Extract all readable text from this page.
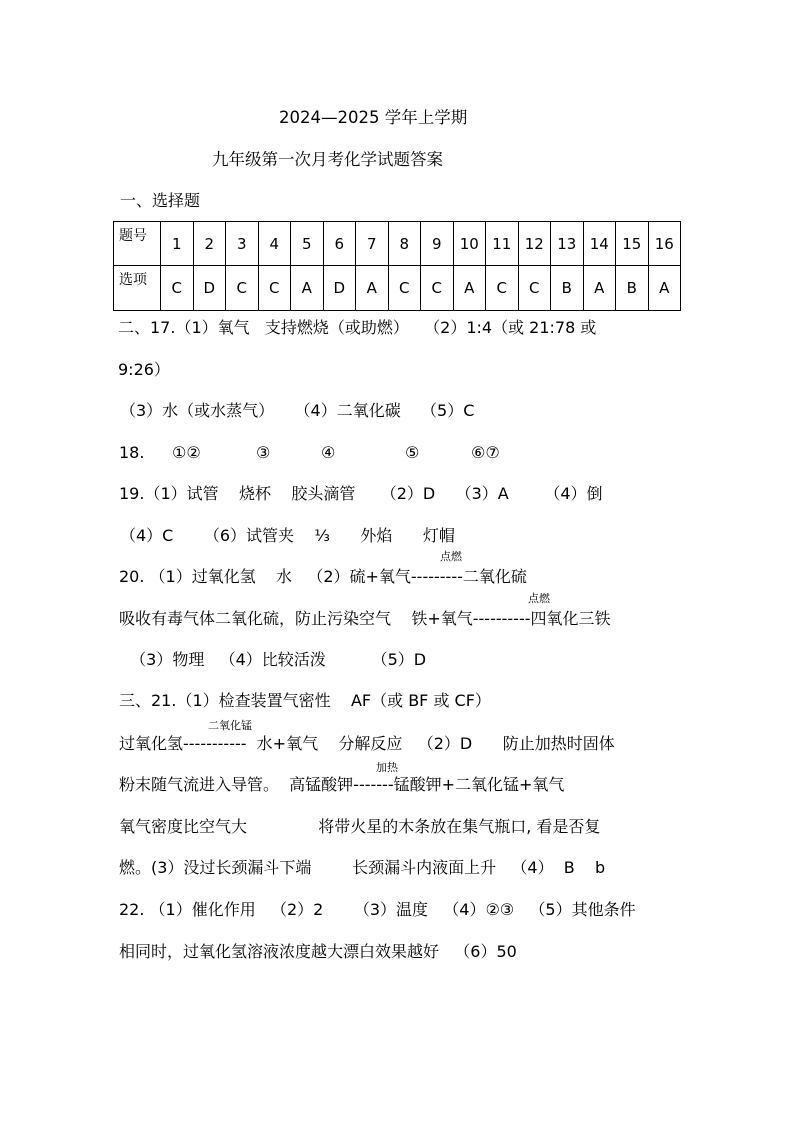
2024—2025 学年上学期
九年级第一次月考化学试题答案
一、选择题
题号	1	2	3	4	5	6	7	8	9	10	11	12	13	14	15	16
选项	C	D	C	C	A	D	A	C	C	A	C	C	B	A	B	A
二、17.（1）氧气   支持燃烧（或助燃）   （2）1:4（或 21:78 或
9:26）
（3）水（或水蒸气）    （4）二氧化碳    （5）C
18. ①②	③	④	⑤	⑥⑦
19.（1）试管    烧杯    胶头滴管     （2）D    （3）A       （4）倒
（4）C      （6）试管夹    ⅓      外焰      灯帽
点燃
20. （1）过氧化氢    水   （2）硫+氧气---------二氧化硫
点燃
吸收有毒气体二氧化硫，防止污染空气    铁+氧气----------四氧化三铁
（3）物理   （4）比较活泼         （5）D
三、21.（1）检查装置气密性    AF（或 BF 或 CF）
二氧化锰
过氧化氢-----------  水+氧气    分解反应   （2）D      防止加热时固体
加热
粉末随气流进入导管。  高锰酸钾-------锰酸钾+二氧化锰+氧气
氧气密度比空气大              将带火星的木条放在集气瓶口, 看是否复
燃。(3）没过长颈漏斗下端        长颈漏斗内液面上升   （4）  B    b
22. （1）催化作用   （2）2      （3）温度   （4）②③   （5）其他条件
相同时，过氧化氢溶液浓度越大漂白效果越好   （6）50
